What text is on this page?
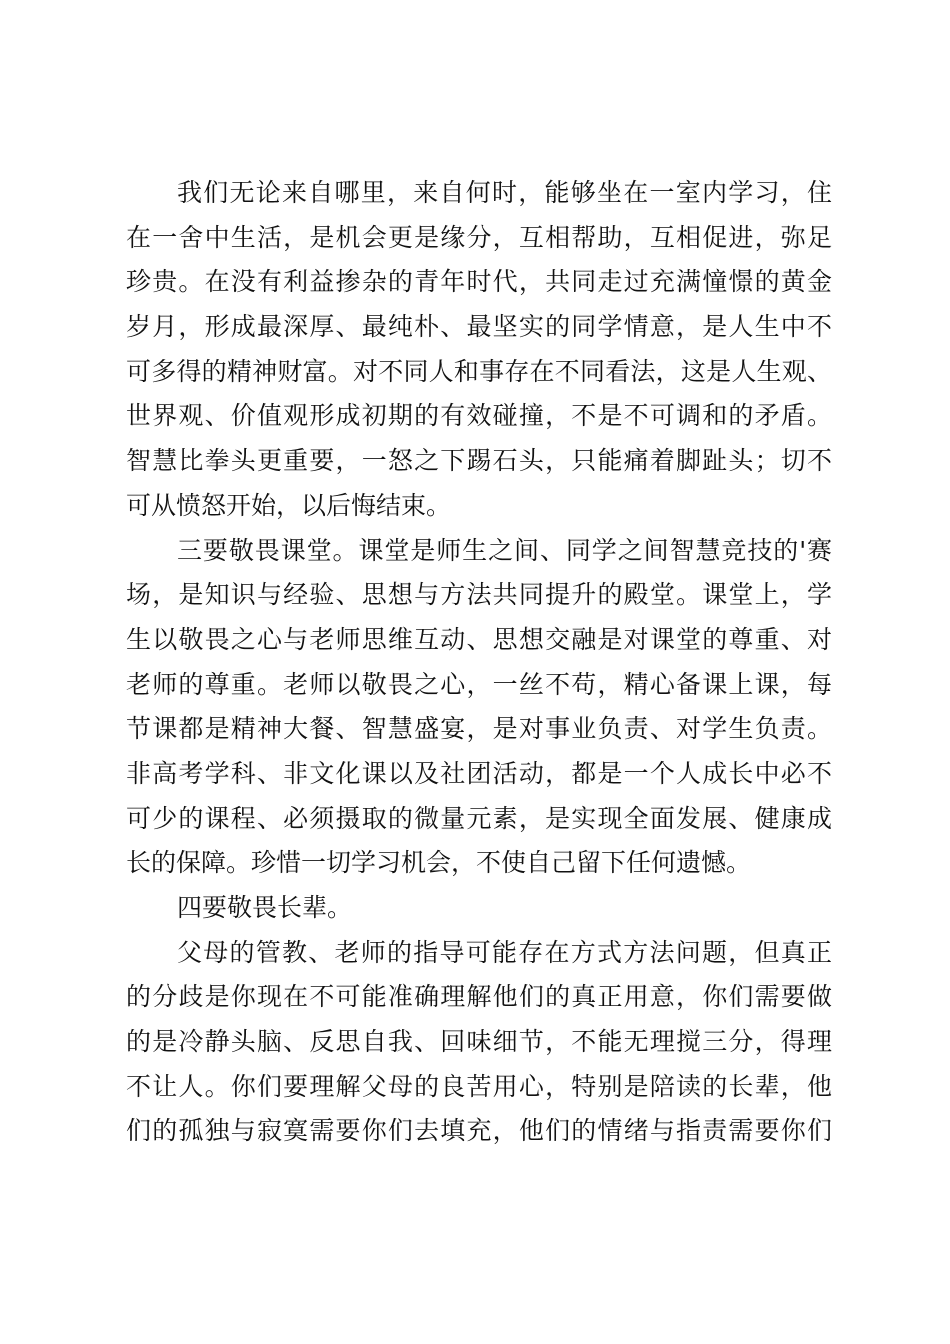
我们无论来自哪里，来自何时，能够坐在一室内学习，住
在一舍中生活，是机会更是缘分，互相帮助，互相促进，弥足
珍贵。在没有利益掺杂的青年时代，共同走过充满憧憬的黄金
岁月，形成最深厚、最纯朴、最坚实的同学情意，是人生中不
可多得的精神财富。对不同人和事存在不同看法，这是人生观、
世界观、价值观形成初期的有效碰撞，不是不可调和的矛盾。
智慧比拳头更重要，一怒之下踢石头，只能痛着脚趾头；切不
可从愤怒开始，以后悔结束。
三要敬畏课堂。课堂是师生之间、同学之间智慧竞技的'赛
场，是知识与经验、思想与方法共同提升的殿堂。课堂上，学
生以敬畏之心与老师思维互动、思想交融是对课堂的尊重、对
老师的尊重。老师以敬畏之心，一丝不苟，精心备课上课，每
节课都是精神大餐、智慧盛宴，是对事业负责、对学生负责。
非高考学科、非文化课以及社团活动，都是一个人成长中必不
可少的课程、必须摄取的微量元素，是实现全面发展、健康成
长的保障。珍惜一切学习机会，不使自己留下任何遗憾。
四要敬畏长辈。
父母的管教、老师的指导可能存在方式方法问题，但真正
的分歧是你现在不可能准确理解他们的真正用意，你们需要做
的是冷静头脑、反思自我、回味细节，不能无理搅三分，得理
不让人。你们要理解父母的良苦用心，特别是陪读的长辈，他
们的孤独与寂寞需要你们去填充，他们的情绪与指责需要你们
